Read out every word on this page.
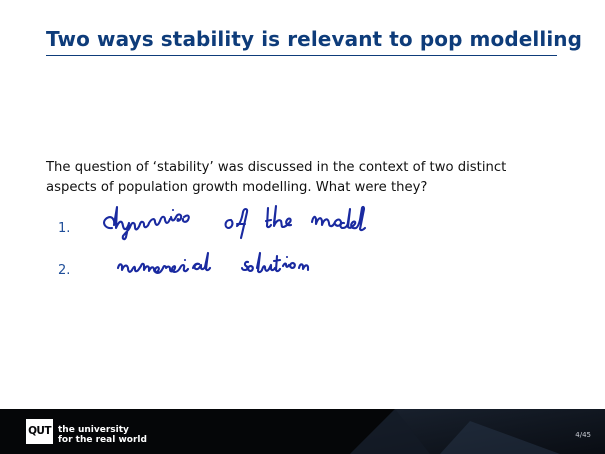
Two ways stability is relevant to pop modelling
The question of ‘stability’ was discussed in the context of two distinct
aspects of population growth modelling. What were they?
1.
2.
QUT the university
for the real world	4/45
